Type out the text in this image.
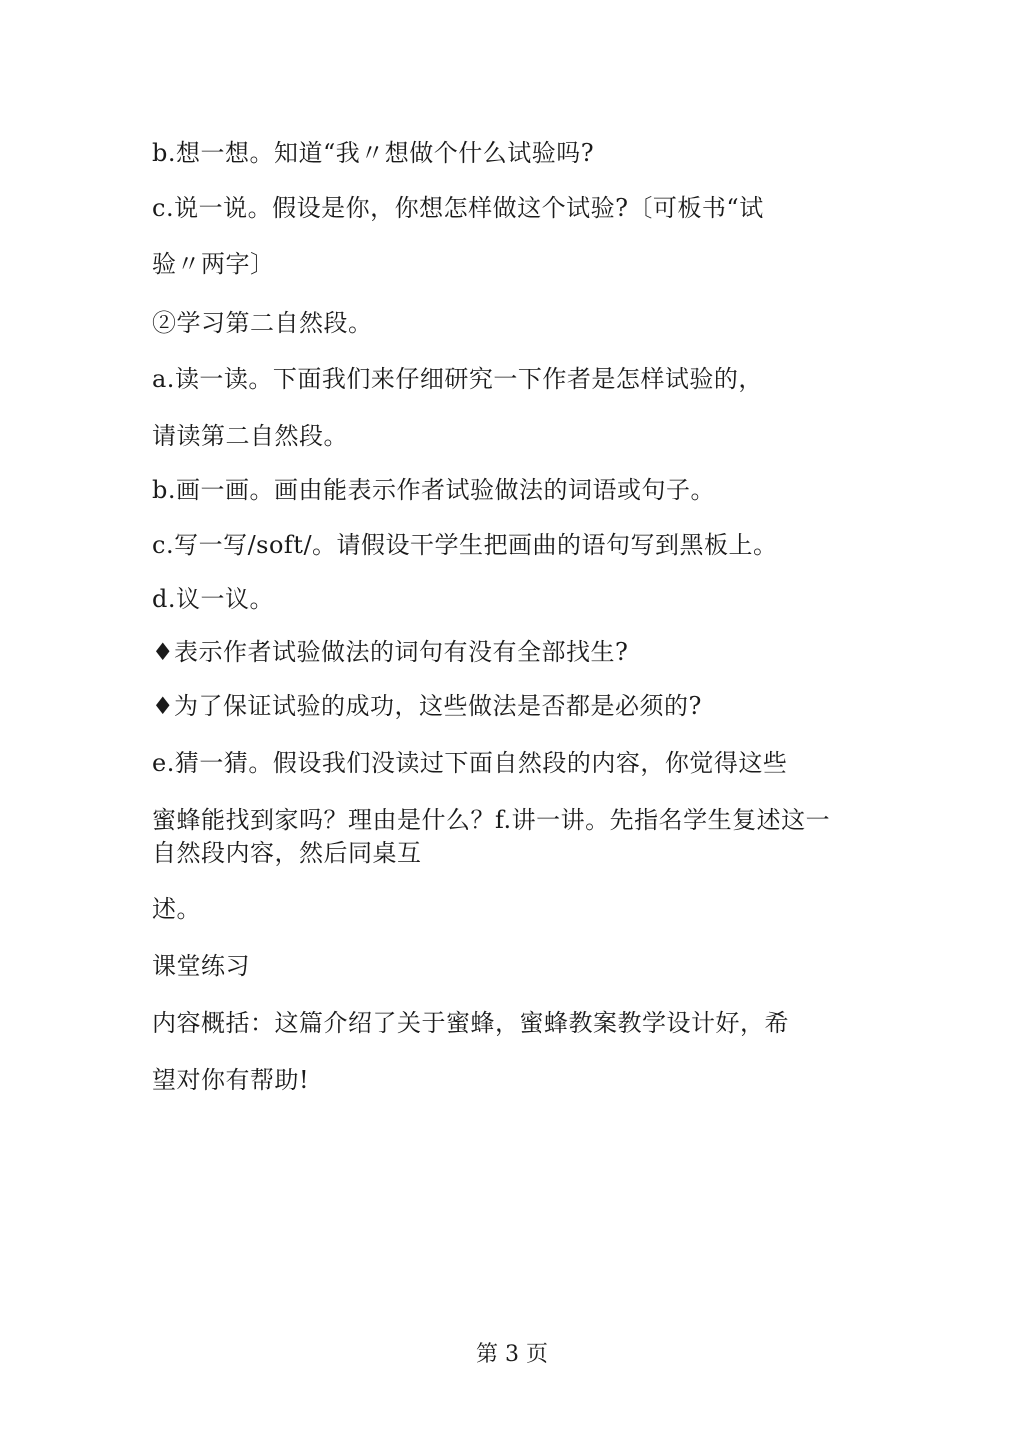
b.想一想。知道“我〃想做个什么试验吗?
c.说一说。假设是你，你想怎样做这个试验?〔可板书“试
验〃两字〕
②学习第二自然段。
a.读一读。下面我们来仔细研究一下作者是怎样试验的，
请读第二自然段。
b.画一画。画由能表示作者试验做法的词语或句子。
c.写一写/soft/。请假设干学生把画曲的语句写到黑板上。
d.议一议。
♦表示作者试验做法的词句有没有全部找生?
♦为了保证试验的成功，这些做法是否都是必须的?
e.猜一猜。假设我们没读过下面自然段的内容，你觉得这些
蜜蜂能找到家吗？理由是什么？f.讲一讲。先指名学生复述这一
自然段内容，然后同桌互
述。
课堂练习
内容概括：这篇介绍了关于蜜蜂，蜜蜂教案教学设计好，希
望对你有帮助!
第 3 页
